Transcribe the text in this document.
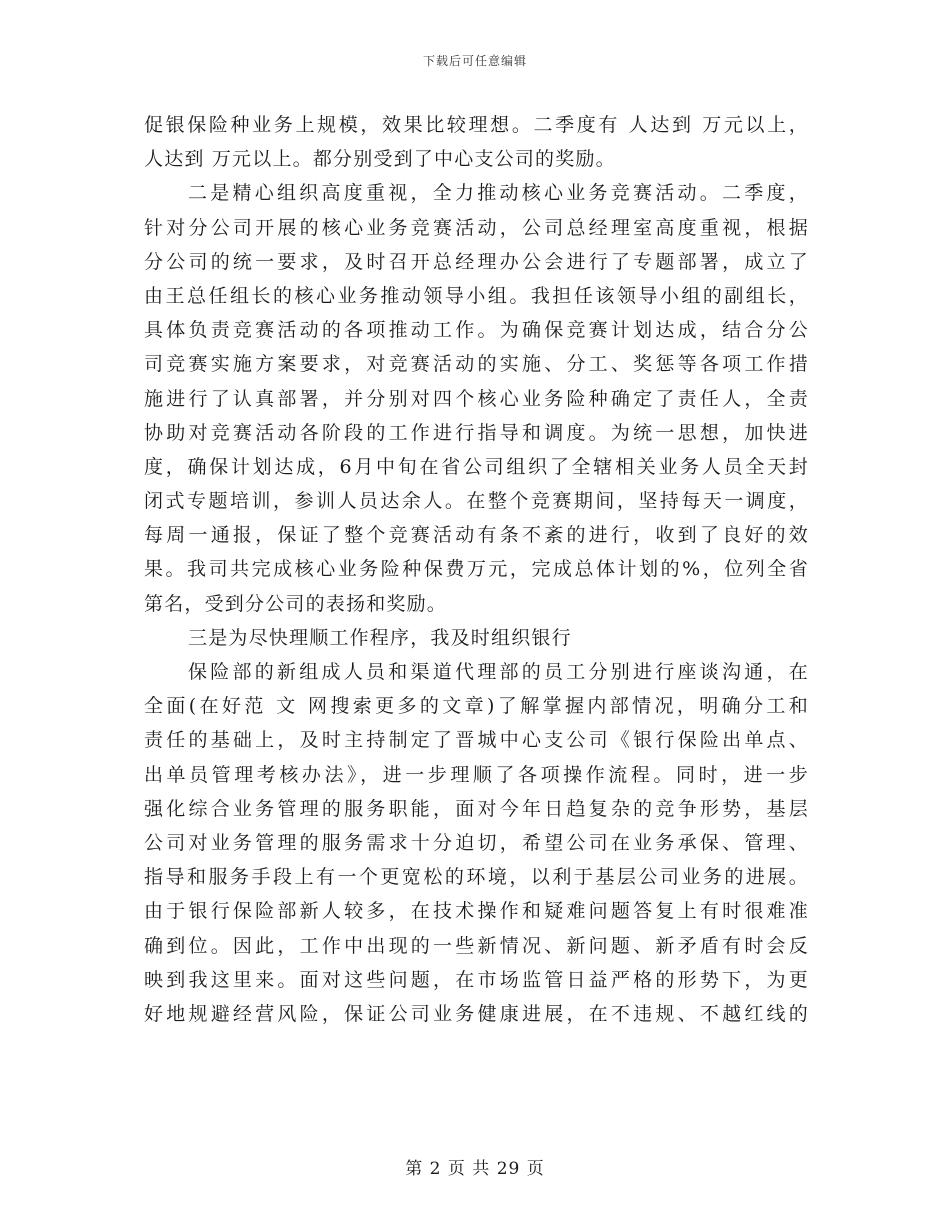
下载后可任意编辑
促银保险种业务上规模，效果比较理想。二季度有 人达到 万元以上，
人达到 万元以上。都分别受到了中心支公司的奖励。
二是精心组织高度重视，全力推动核心业务竞赛活动。二季度，
针对分公司开展的核心业务竞赛活动，公司总经理室高度重视，根据
分公司的统一要求，及时召开总经理办公会进行了专题部署，成立了
由王总任组长的核心业务推动领导小组。我担任该领导小组的副组长，
具体负责竞赛活动的各项推动工作。为确保竞赛计划达成，结合分公
司竞赛实施方案要求，对竞赛活动的实施、分工、奖惩等各项工作措
施进行了认真部署，并分别对四个核心业务险种确定了责任人，全责
协助对竞赛活动各阶段的工作进行指导和调度。为统一思想，加快进
度，确保计划达成，6月中旬在省公司组织了全辖相关业务人员全天封
闭式专题培训，参训人员达余人。在整个竞赛期间，坚持每天一调度，
每周一通报，保证了整个竞赛活动有条不紊的进行，收到了良好的效
果。我司共完成核心业务险种保费万元，完成总体计划的%，位列全省
第名，受到分公司的表扬和奖励。
三是为尽快理顺工作程序，我及时组织银行
保险部的新组成人员和渠道代理部的员工分别进行座谈沟通，在
全面(在好范 文 网搜索更多的文章)了解掌握内部情况，明确分工和
责任的基础上，及时主持制定了晋城中心支公司《银行保险出单点、
出单员管理考核办法》，进一步理顺了各项操作流程。同时，进一步
强化综合业务管理的服务职能，面对今年日趋复杂的竞争形势，基层
公司对业务管理的服务需求十分迫切，希望公司在业务承保、管理、
指导和服务手段上有一个更宽松的环境，以利于基层公司业务的进展。
由于银行保险部新人较多，在技术操作和疑难问题答复上有时很难准
确到位。因此，工作中出现的一些新情况、新问题、新矛盾有时会反
映到我这里来。面对这些问题，在市场监管日益严格的形势下，为更
好地规避经营风险，保证公司业务健康进展，在不违规、不越红线的
第 2 页 共 29 页
